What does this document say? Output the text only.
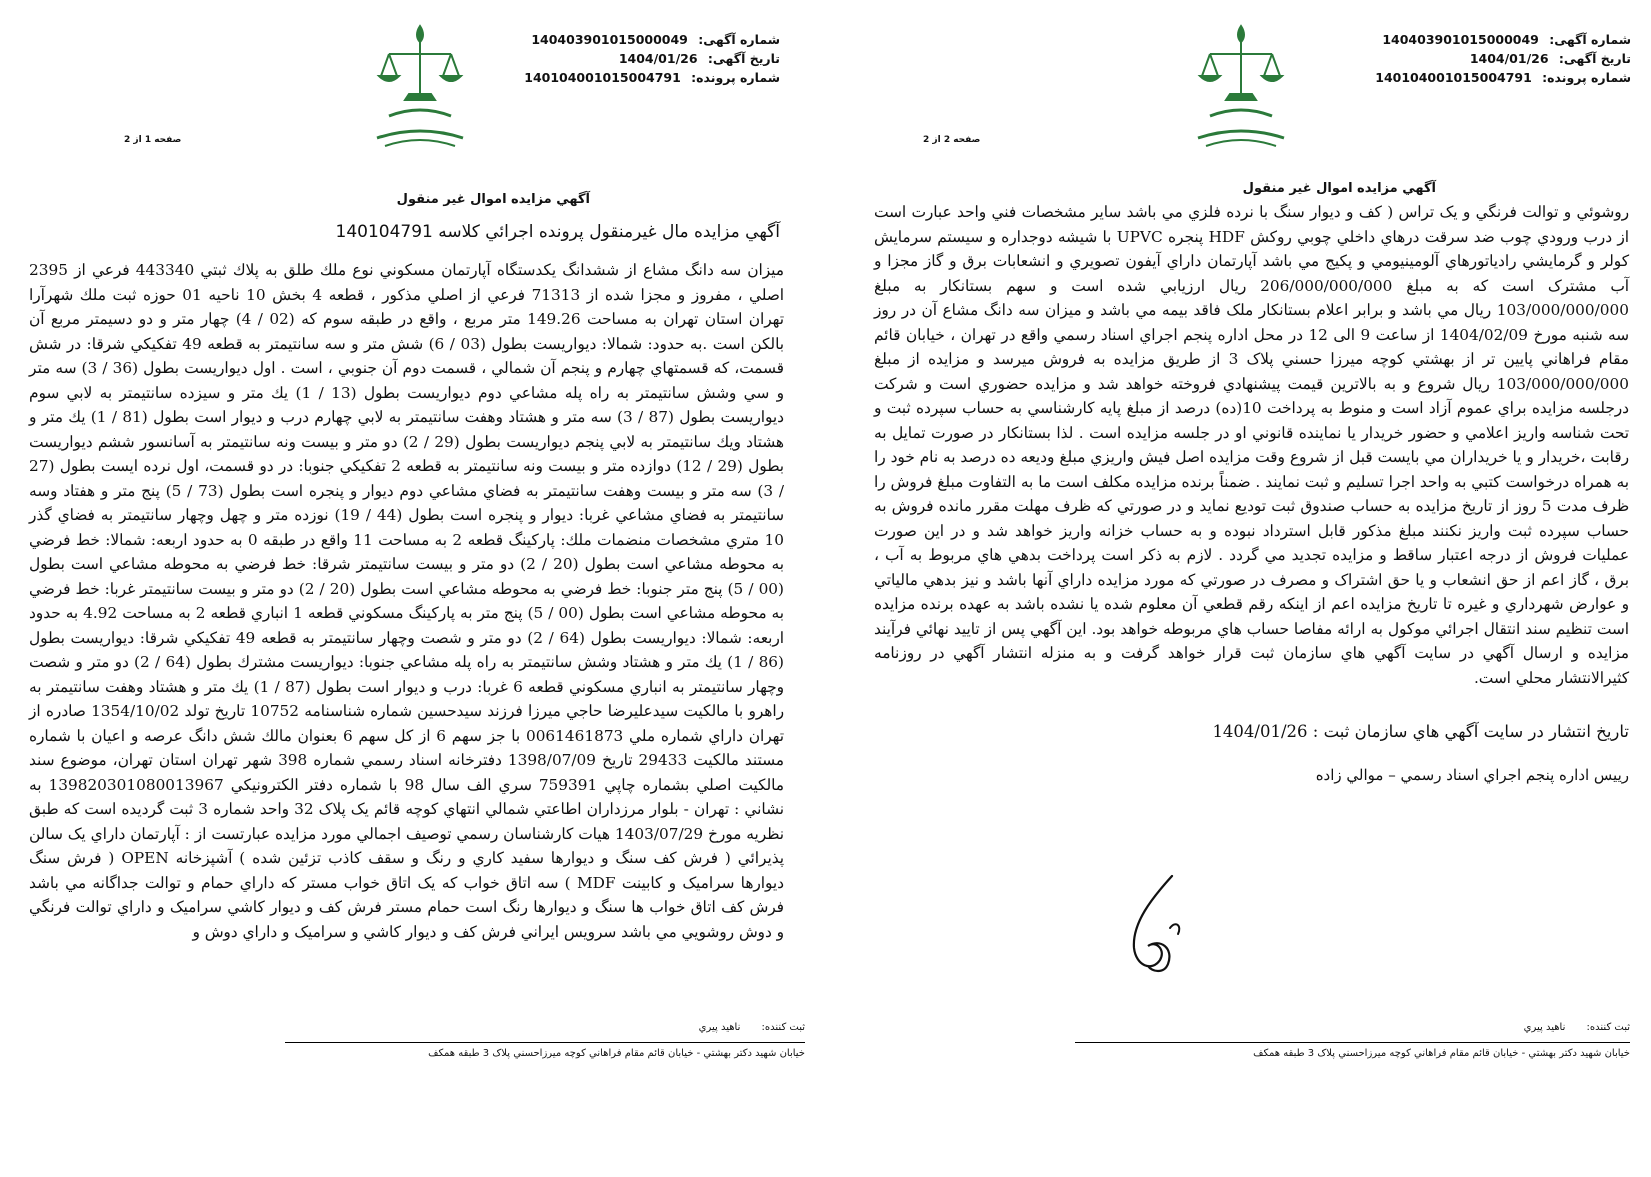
شماره آگهی: 140403901015000049
تاریخ آگهی: 1404/01/26
شماره پرونده: 140104001015004791
صفحه 1 از 2
آگهي مزايده اموال غير منقول
آگهي مزايده مال غيرمنقول پرونده اجرائي كلاسه 140104791
ميزان سه دانگ مشاع از ششدانگ يكدستگاه آپارتمان مسكوني نوع ملك طلق به پلاك ثبتي 443340 فرعي از 2395 اصلي ، مفروز و مجزا شده از 71313 فرعي از اصلي مذكور ، قطعه 4 بخش 10 ناحيه 01 حوزه ثبت ملك شهرآرا تهران استان تهران به مساحت 149.26 متر مربع ، واقع در طبقه سوم كه (02 / 4) چهار متر و دو دسيمتر مربع آن بالكن است .به حدود: شمالا: ديواريست بطول (03 / 6) شش متر و سه سانتيمتر به قطعه 49 تفكيكي شرقا: در شش قسمت، كه قسمتهاي چهارم و پنجم آن شمالي ، قسمت دوم آن جنوبي ، است . اول ديواريست بطول (36 / 3) سه متر و سي وشش سانتيمتر به راه پله مشاعي دوم ديواريست بطول (13 / 1) يك متر و سيزده سانتيمتر به لابي سوم ديواريست بطول (87 / 3) سه متر و هشتاد وهفت سانتيمتر به لابي چهارم درب و ديوار است بطول (81 / 1) يك متر و هشتاد ويك سانتيمتر به لابي پنجم ديواريست بطول (29 / 2) دو متر و بيست ونه سانتيمتر به آسانسور ششم ديواريست بطول (29 / 12) دوازده متر و بيست ونه سانتيمتر به قطعه 2 تفكيكي جنوبا: در دو قسمت، اول نرده ايست بطول (27 / 3) سه متر و بيست وهفت سانتيمتر به فضاي مشاعي دوم ديوار و پنجره است بطول (73 / 5) پنج متر و هفتاد وسه سانتيمتر به فضاي مشاعي غربا: ديوار و پنجره است بطول (44 / 19) نوزده متر و چهل وچهار سانتيمتر به فضاي گذر 10 متري مشخصات منضمات ملك: پاركينگ قطعه 2 به مساحت 11 واقع در طبقه 0 به حدود اربعه: شمالا: خط فرضي به محوطه مشاعي است بطول (20 / 2) دو متر و بيست سانتيمتر شرقا: خط فرضي به محوطه مشاعي است بطول (00 / 5) پنج متر جنوبا: خط فرضي به محوطه مشاعي است بطول (20 / 2) دو متر و بيست سانتيمتر غربا: خط فرضي به محوطه مشاعي است بطول (00 / 5) پنج متر به پاركينگ مسكوني قطعه 1 انباري قطعه 2 به مساحت 4.92 به حدود اربعه: شمالا: ديواريست بطول (64 / 2) دو متر و شصت وچهار سانتيمتر به قطعه 49 تفكيكي شرقا: ديواريست بطول (86 / 1) يك متر و هشتاد وشش سانتيمتر به راه پله مشاعي جنوبا: ديواريست مشترك بطول (64 / 2) دو متر و شصت وچهار سانتيمتر به انباري مسكوني قطعه 6 غربا: درب و ديوار است بطول (87 / 1) يك متر و هشتاد وهفت سانتيمتر به راهرو با مالكيت سيدعليرضا حاجي ميرزا فرزند سيدحسين شماره شناسنامه 10752 تاريخ تولد 1354/10/02 صادره از تهران داراي شماره ملي 0061461873 با جز سهم 6 از كل سهم 6 بعنوان مالك شش دانگ عرصه و اعيان با شماره مستند مالكيت 29433 تاريخ 1398/07/09 دفترخانه اسناد رسمي شماره 398 شهر تهران استان تهران، موضوع سند مالكيت اصلي بشماره چاپي 759391 سري الف سال 98 با شماره دفتر الكترونيكي 139820301080013967 به نشاني : تهران - بلوار مرزداران اطاعتي شمالي انتهاي كوچه قائم يک پلاک 32 واحد شماره 3 ثبت گرديده است كه طبق نظريه مورخ 1403/07/29 هيات كارشناسان رسمي توصيف اجمالي مورد مزايده عبارتست از : آپارتمان داراي يک سالن پذيرائي ( فرش كف سنگ و ديوارها سفيد كاري و رنگ و سقف كاذب تزئين شده ) آشپزخانه OPEN ( فرش سنگ ديوارها سراميک و كابينت MDF ) سه اتاق خواب كه يک اتاق خواب مستر كه داراي حمام و توالت جداگانه مي باشد فرش كف اتاق خواب ها سنگ و ديوارها رنگ است حمام مستر فرش كف و ديوار كاشي سراميک و داراي توالت فرنگي و دوش روشويي مي باشد سرويس ايراني فرش كف و ديوار كاشي و سراميک و داراي دوش و
ثبت كننده: ناهيد پيري
خيابان شهيد دكتر بهشتي - خيابان قائم مقام فراهاني كوچه ميرزاحسني پلاک 3 طبقه همكف
شماره آگهی: 140403901015000049
تاریخ آگهی: 1404/01/26
شماره پرونده: 140104001015004791
صفحه 2 از 2
آگهي مزايده اموال غير منقول
روشوئي و توالت فرنگي و يک تراس ( كف و ديوار سنگ با نرده فلزي مي باشد ساير مشخصات فني واحد عبارت است از درب ورودي چوب ضد سرقت درهاي داخلي چوبي روكش HDF پنجره UPVC با شيشه دوجداره و سيستم سرمايش كولر و گرمايشي رادياتورهاي آلومينيومي و پكيج مي باشد آپارتمان داراي آيفون تصويري و انشعابات برق و گاز مجزا و آب مشترک است كه به مبلغ 206/000/000/000 ريال ارزيابي شده است و سهم بستانكار به مبلغ 103/000/000/000 ريال مي باشد و برابر اعلام بستانكار ملک فاقد بيمه مي باشد و ميزان سه دانگ مشاع آن در روز سه شنبه مورخ 1404/02/09 از ساعت 9 الی 12 در محل اداره پنجم اجراي اسناد رسمي واقع در تهران ، خيابان قائم مقام فراهاني پايين تر از بهشتي كوچه ميرزا حسني پلاک 3 از طريق مزايده به فروش ميرسد و مزايده از مبلغ 103/000/000/000 ريال شروع و به بالاترين قيمت پيشنهادي فروخته خواهد شد و مزايده حضوري است و شركت درجلسه مزايده براي عموم آزاد است و منوط به پرداخت 10(ده) درصد از مبلغ پايه كارشناسي به حساب سپرده ثبت و تحت شناسه واريز اعلامي و حضور خريدار يا نماينده قانوني او در جلسه مزايده است . لذا بستانكار در صورت تمايل به رقابت ،خريدار و يا خريداران مي بايست قبل از شروع وقت مزايده اصل فيش واريزي مبلغ وديعه ده درصد به نام خود را به همراه درخواست كتبي به واحد اجرا تسليم و ثبت نمايند . ضمناً برنده مزايده مكلف است ما به التفاوت مبلغ فروش را ظرف مدت 5 روز از تاريخ مزايده به حساب صندوق ثبت توديع نمايد و در صورتي كه ظرف مهلت مقرر مانده فروش به حساب سپرده ثبت واريز نكنند مبلغ مذكور قابل استرداد نبوده و به حساب خزانه واريز خواهد شد و در اين صورت عمليات فروش از درجه اعتبار ساقط و مزايده تجديد مي گردد . لازم به ذكر است پرداخت بدهي هاي مربوط به آب ، برق ، گاز اعم از حق انشعاب و يا حق اشتراک و مصرف در صورتي كه مورد مزايده داراي آنها باشد و نيز بدهي مالياتي و عوارض شهرداري و غيره تا تاريخ مزايده اعم از اينكه رقم قطعي آن معلوم شده يا نشده باشد به عهده برنده مزايده است تنظيم سند انتقال اجرائي موكول به ارائه مفاصا حساب هاي مربوطه خواهد بود. اين آگهي پس از تاييد نهائي فرآيند مزايده و ارسال آگهي در سايت آگهي هاي سازمان ثبت قرار خواهد گرفت و به منزله انتشار آگهي در روزنامه كثيرالانتشار محلي است.
تاريخ انتشار در سايت آگهي هاي سازمان ثبت : 1404/01/26
رييس اداره پنجم اجراي اسناد رسمي – موالي زاده
ثبت كننده: ناهيد پيري
خيابان شهيد دكتر بهشتي - خيابان قائم مقام فراهاني كوچه ميرزاحسني پلاک 3 طبقه همكف
